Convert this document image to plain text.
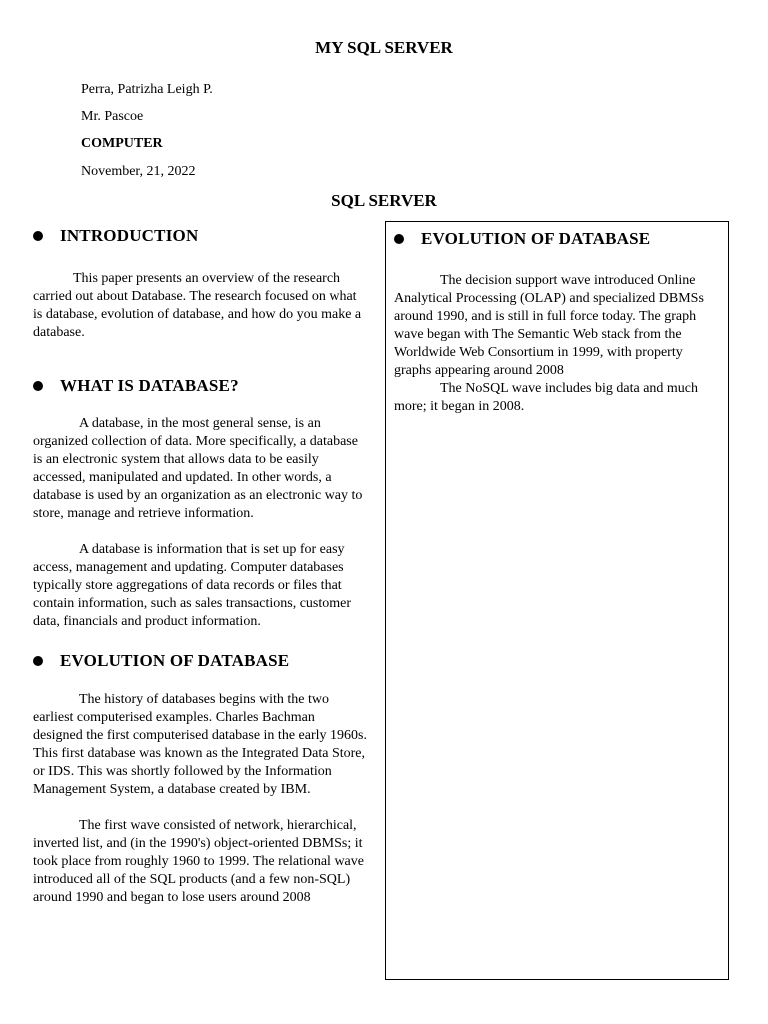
MY SQL SERVER
Perra, Patrizha Leigh P.
Mr. Pascoe
COMPUTER
November, 21, 2022
SQL SERVER
INTRODUCTION

This paper presents an overview of the research carried out about Database. The research focused on what is database, evolution of database, and how do you make a database.

WHAT IS DATABASE?

A database, in the most general sense, is an organized collection of data. More specifically, a database is an electronic system that allows data to be easily accessed, manipulated and updated. In other words, a database is used by an organization as an electronic way to store, manage and retrieve information.

A database is information that is set up for easy access, management and updating. Computer databases typically store aggregations of data records or files that contain information, such as sales transactions, customer data, financials and product information.

EVOLUTION OF DATABASE

The history of databases begins with the two earliest computerised examples. Charles Bachman designed the first computerised database in the early 1960s. This first database was known as the Integrated Data Store, or IDS. This was shortly followed by the Information Management System, a database created by IBM.

The first wave consisted of network, hierarchical, inverted list, and (in the 1990's) object-oriented DBMSs; it took place from roughly 1960 to 1999. The relational wave introduced all of the SQL products (and a few non-SQL) around 1990 and began to lose users around 2008

EVOLUTION OF DATABASE

The decision support wave introduced Online Analytical Processing (OLAP) and specialized DBMSs around 1990, and is still in full force today. The graph wave began with The Semantic Web stack from the Worldwide Web Consortium in 1999, with property graphs appearing around 2008

The NoSQL wave includes big data and much more; it began in 2008.
